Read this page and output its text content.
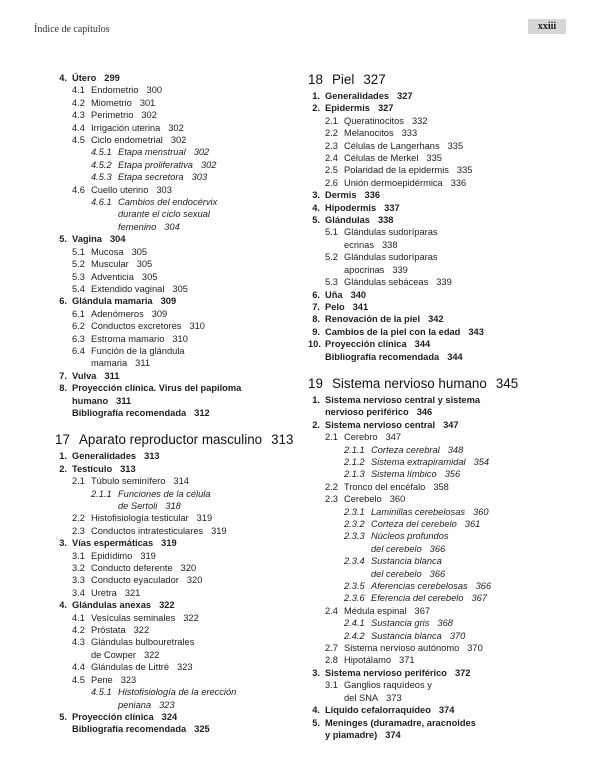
Índice de capítulos	xxiii
4. Útero 299
4.1 Endometrio 300
4.2 Miometrio 301
4.3 Perimetrio 302
4.4 Irrigación uterina 302
4.5 Ciclo endometrial 302
4.5.1 Etapa menstrual 302
4.5.2 Etapa proliferativa 302
4.5.3 Etapa secretora 303
4.6 Cuello uterino 303
4.6.1 Cambios del endocérvix
durante el ciclo sexual
femenino 304
5. Vagina 304
5.1 Mucosa 305
5.2 Muscular 305
5.3 Adventicia 305
5.4 Extendido vaginal 305
6. Glándula mamaria 309
6.1 Adenómeros 309
6.2 Conductos excretores 310
6.3 Estroma mamario 310
6.4 Función de la glándula
mamaria 311
7. Vulva 311
8. Proyección clínica. Virus del papiloma
humano 311
Bibliografía recomendada 312
17 Aparato reproductor masculino 313
1. Generalidades 313
2. Testículo 313
2.1 Túbulo seminífero 314
2.1.1 Funciones de la célula
de Sertoli 318
2.2 Histofisiología testicular 319
2.3 Conductos intratesticulares 319
3. Vías espermáticas 319
3.1 Epidídimo 319
3.2 Conducto deferente 320
3.3 Conducto eyaculador 320
3.4 Uretra 321
4. Glándulas anexas 322
4.1 Vesículas seminales 322
4.2 Próstata 322
4.3 Glándulas bulbouretrales
de Cowper 322
4.4 Glándulas de Littré 323
4.5 Pene 323
4.5.1 Histofisiología de la erección
peniana 323
5. Proyección clínica 324
Bibliografía recomendada 325
18 Piel 327
1. Generalidades 327
2. Epidermis 327
2.1 Queratinocitos 332
2.2 Melanocitos 333
2.3 Células de Langerhans 335
2.4 Células de Merkel 335
2.5 Polaridad de la epidermis 335
2.6 Unión dermoepidérmica 336
3. Dermis 336
4. Hipodermis 337
5. Glándulas 338
5.1 Glándulas sudoríparas
ecrinas 338
5.2 Glándulas sudoríparas
apocrinas 339
5.3 Glándulas sebáceas 339
6. Uña 340
7. Pelo 341
8. Renovación de la piel 342
9. Cambios de la piel con la edad 343
10. Proyección clínica 344
Bibliografía recomendada 344
19 Sistema nervioso humano 345
1. Sistema nervioso central y sistema
nervioso periférico 346
2. Sistema nervioso central 347
2.1 Cerebro 347
2.1.1 Corteza cerebral 348
2.1.2 Sistema extrapiramidal 354
2.1.3 Sistema límbico 356
2.2 Tronco del encéfalo 358
2.3 Cerebelo 360
2.3.1 Laminillas cerebelosas 360
2.3.2 Corteza del cerebelo 361
2.3.3 Núcleos profundos
del cerebelo 366
2.3.4 Sustancia blanca
del cerebelo 366
2.3.5 Aferencias cerebelosas 366
2.3.6 Eferencia del cerebelo 367
2.4 Médula espinal 367
2.4.1 Sustancia gris 368
2.4.2 Sustancia blanca 370
2.7 Sistema nervioso autónomo 370
2.8 Hipotálamo 371
3. Sistema nervioso periférico 372
3.1 Ganglios raquídeos y
del SNA 373
4. Líquido cefalorraquídeo 374
5. Meninges (duramadre, aracnoides
y piamadre) 374
